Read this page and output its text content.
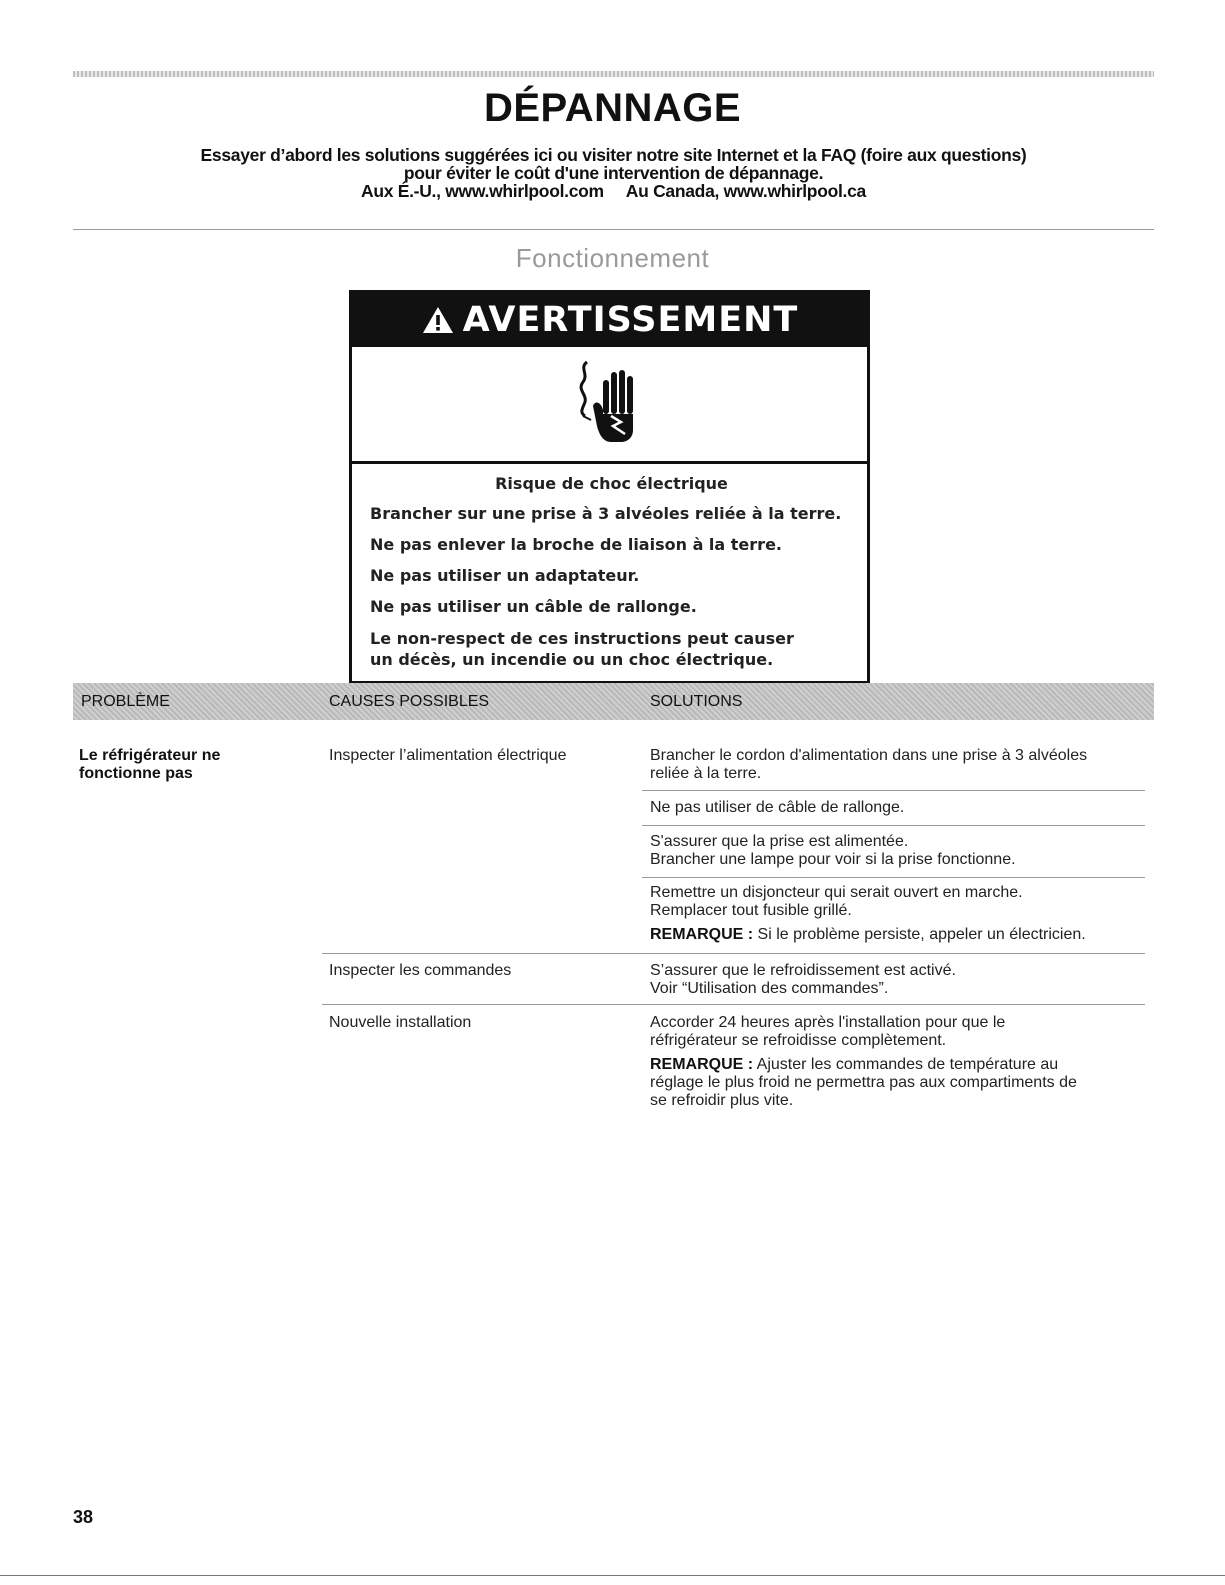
DÉPANNAGE
Essayer d’abord les solutions suggérées ici ou visiter notre site Internet et la FAQ (foire aux questions)
pour éviter le coût d'une intervention de dépannage.
Aux É.-U., www.whirlpool.com Au Canada, www.whirlpool.ca
Fonctionnement
AVERTISSEMENT
Risque de choc électrique
Brancher sur une prise à 3 alvéoles reliée à la terre.
Ne pas enlever la broche de liaison à la terre.
Ne pas utiliser un adaptateur.
Ne pas utiliser un câble de rallonge.
Le non-respect de ces instructions peut causer
un décès, un incendie ou un choc électrique.
PROBLÈME	CAUSES POSSIBLES	SOLUTIONS
Le réfrigérateur ne
fonctionne pas
Inspecter l’alimentation électrique
Inspecter les commandes
Nouvelle installation
Brancher le cordon d'alimentation dans une prise à 3 alvéoles
reliée à la terre.
Ne pas utiliser de câble de rallonge.
S'assurer que la prise est alimentée.
Brancher une lampe pour voir si la prise fonctionne.
Remettre un disjoncteur qui serait ouvert en marche.
Remplacer tout fusible grillé.
REMARQUE : Si le problème persiste, appeler un électricien.
S’assurer que le refroidissement est activé.
Voir “Utilisation des commandes”.
Accorder 24 heures après l'installation pour que le
réfrigérateur se refroidisse complètement.
REMARQUE : Ajuster les commandes de température au
réglage le plus froid ne permettra pas aux compartiments de
se refroidir plus vite.
38
